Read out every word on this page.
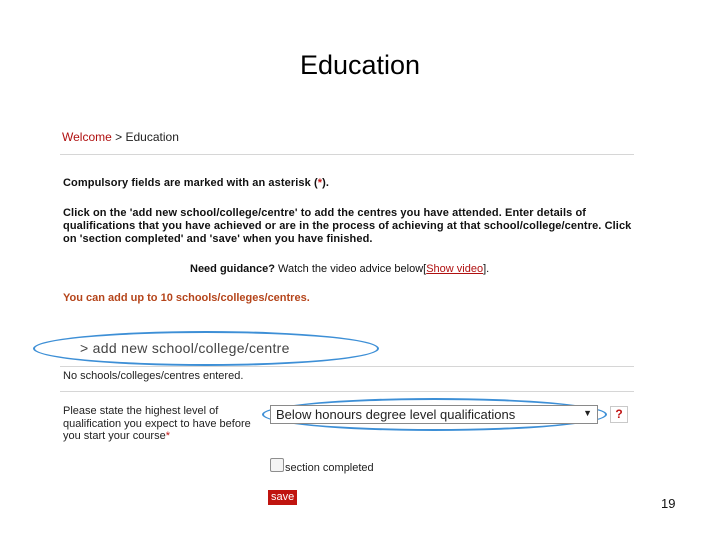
Education
Welcome > Education
Compulsory fields are marked with an asterisk (*).
Click on the 'add new school/college/centre' to add the centres you have attended. Enter details of qualifications that you have achieved or are in the process of achieving at that school/college/centre. Click on 'section completed' and 'save' when you have finished.
Need guidance? Watch the video advice below[Show video].
You can add up to 10 schools/colleges/centres.
> add new school/college/centre
No schools/colleges/centres entered.
Please state the highest level of qualification you expect to have before you start your course*
Below honours degree level qualifications	▼	?
section completed
save	19
